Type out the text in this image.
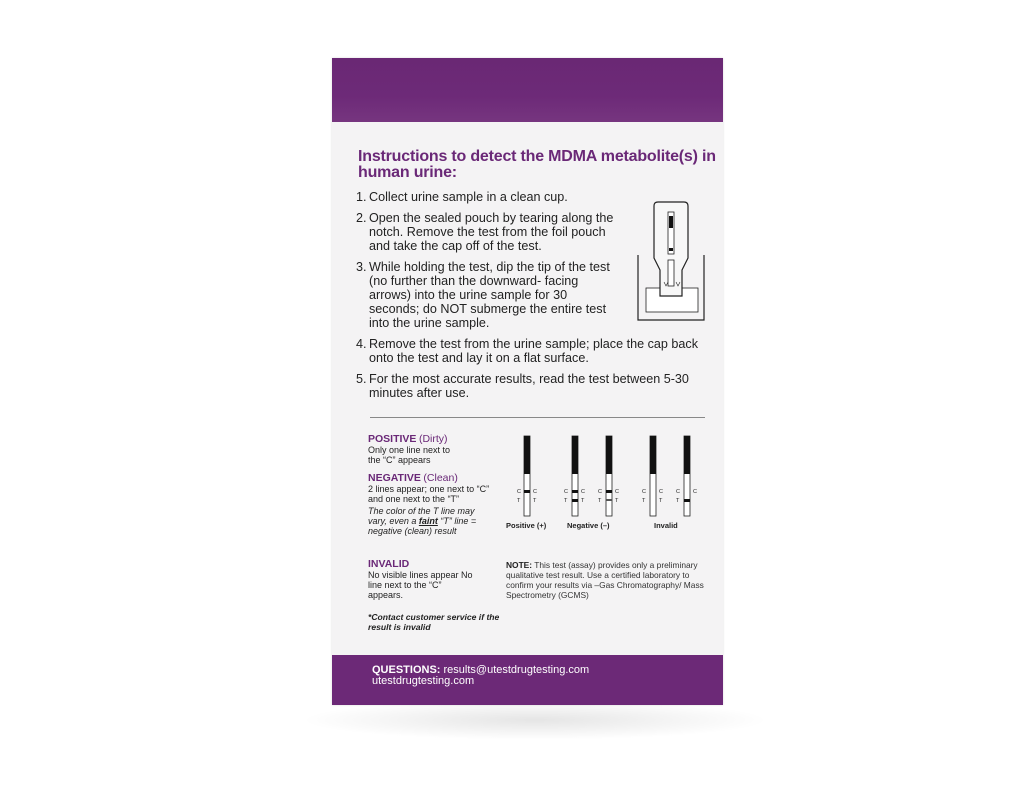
Instructions to detect the MDMA metabolite(s) in human urine:
1. Collect urine sample in a clean cup.
2. Open the sealed pouch by tearing along the notch. Remove the test from the foil pouch and take the cap off of the test.
3. While holding the test, dip the tip of the test (no further than the downward- facing arrows) into the urine sample for 30 seconds; do NOT submerge the entire test into the urine sample.
4. Remove the test from the urine sample; place the cap back onto the test and lay it on a flat surface.
5. For the most accurate results, read the test between 5-30 minutes after use.
POSITIVE (Dirty)
Only one line next to the “C” appears
NEGATIVE (Clean)
2 lines appear; one next to “C” and one next to the “T”
The color of the T line may vary, even a faint “T” line = negative (clean) result
INVALID
No visible lines appear No line next to the “C” appears.
*Contact customer service if the result is invalid
C
T
C
T
C
T
C
T
C
T
C
T
C
T
C
T
C
T
C
Positive (+)	Negative (–)	Invalid
NOTE: This test (assay) provides only a preliminary qualitative test result. Use a certified laboratory to confirm your results via –Gas Chromatography/ Mass Spectrometry (GCMS)
QUESTIONS: results@utestdrugtesting.com
utestdrugtesting.com
